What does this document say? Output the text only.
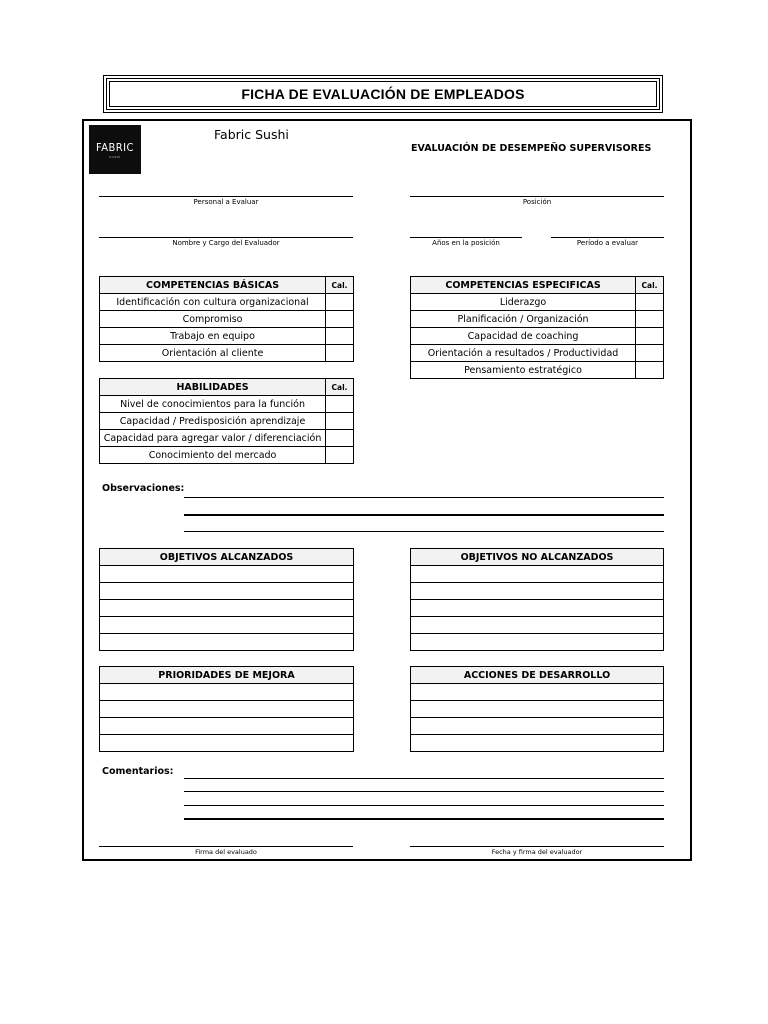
FICHA DE EVALUACIÓN DE EMPLEADOS
FABRIC
SUSHI
Fabric Sushi
EVALUACIÓN DE DESEMPEÑO SUPERVISORES
Personal a Evaluar	Posición
Nombre y Cargo del Evaluador	Años en la posición	Período a evaluar
COMPETENCIAS BÁSICAS	Cal.
Identificación con cultura organizacional	
Compromiso	
Trabajo en equipo	
Orientación al cliente	
COMPETENCIAS ESPECIFICAS	Cal.
Liderazgo	
Planificación / Organización	
Capacidad de coaching	
Orientación a resultados / Productividad	
Pensamiento estratégico	
HABILIDADES	Cal.
Nivel de conocimientos para la función	
Capacidad / Predisposición aprendizaje	
Capacidad para agregar valor / diferenciación	
Conocimiento del mercado	
Observaciones:
OBJETIVOS ALCANZADOS	OBJETIVOS NO ALCANZADOS

PRIORIDADES DE MEJORA	ACCIONES DE DESARROLLO

Comentarios:
Firma del evaluado	Fecha y firma del evaluador
